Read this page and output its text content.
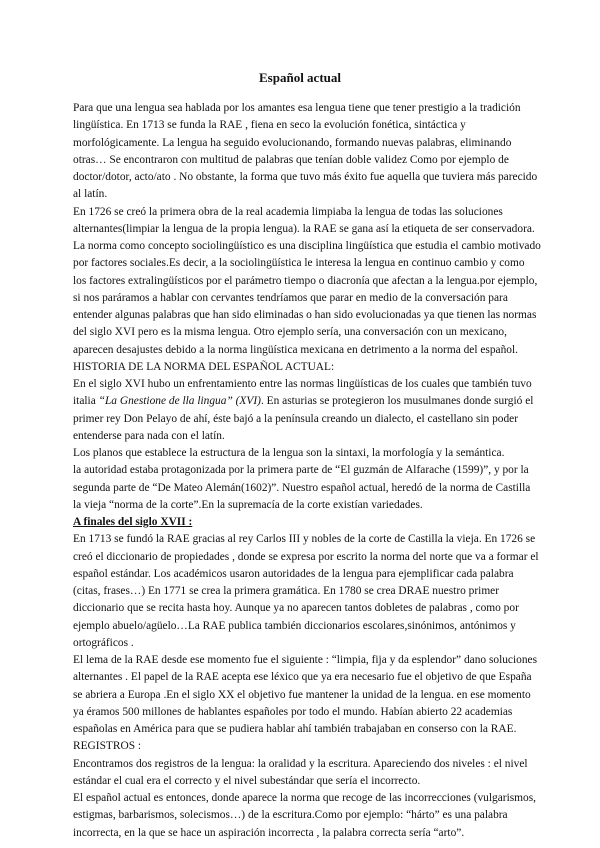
Español actual
Para que una lengua sea hablada por los amantes esa lengua tiene que tener prestigio a la tradición
lingüística. En 1713 se funda la RAE , fiena en seco la evolución fonética, sintáctica y
morfológicamente. La lengua ha seguido evolucionando, formando nuevas palabras, eliminando
otras… Se encontraron con multitud de palabras que tenían doble validez Como por ejemplo de
doctor/dotor, acto/ato . No obstante, la forma que tuvo más éxito fue aquella que tuviera más parecido
al latín.
En 1726 se creó la primera obra de la real academia limpiaba la lengua de todas las soluciones
alternantes(limpiar la lengua de la propia lengua). la RAE se gana así la etiqueta de ser conservadora.
La norma como concepto sociolingüístico es una disciplina lingüística que estudia el cambio motivado
por factores sociales.Es decir, a la sociolingüística le interesa la lengua en continuo cambio y como
los factores extralingüísticos por el parámetro tiempo o diacronía que afectan a la lengua.por ejemplo,
si nos paráramos a hablar con cervantes tendríamos que parar en medio de la conversación para
entender algunas palabras que han sido eliminadas o han sido evolucionadas ya que tienen las normas
del siglo XVI pero es la misma lengua. Otro ejemplo sería, una conversación con un mexicano,
aparecen desajustes debido a la norma lingüística mexicana en detrimento a la norma del español.
HISTORIA DE LA NORMA DEL ESPAÑOL ACTUAL:
En el siglo XVI hubo un enfrentamiento entre las normas lingüísticas de los cuales que también tuvo
italia “La Gnestione de lla lingua” (XVI). En asturias se protegieron los musulmanes donde surgió el
primer rey Don Pelayo de ahí, éste bajó a la península creando un dialecto, el castellano sin poder
entenderse para nada con el latín.
Los planos que establece la estructura de la lengua son la sintaxi, la morfología y la semántica.
la autoridad estaba protagonizada por la primera parte de “El guzmán de Alfarache (1599)”, y por la
segunda parte de “De Mateo Alemán(1602)”. Nuestro español actual, heredó de la norma de Castilla
la vieja “norma de la corte”.En la supremacía de la corte existían variedades.
A finales del siglo XVII :
En 1713 se fundó la RAE gracias al rey Carlos III y nobles de la corte de Castilla la vieja. En 1726 se
creó el diccionario de propiedades , donde se expresa por escrito la norma del norte que va a formar el
español estándar. Los académicos usaron autoridades de la lengua para ejemplificar cada palabra
(citas, frases…) En 1771 se crea la primera gramática. En 1780 se crea DRAE nuestro primer
diccionario que se recita hasta hoy. Aunque ya no aparecen tantos dobletes de palabras , como por
ejemplo abuelo/agüelo…La RAE publica también diccionarios escolares,sinónimos, antónimos y
ortográficos .
El lema de la RAE desde ese momento fue el siguiente : “limpia, fija y da esplendor” dano soluciones
alternantes . El papel de la RAE acepta ese léxico que ya era necesario fue el objetivo de que España
se abriera a Europa .En el siglo XX el objetivo fue mantener la unidad de la lengua. en ese momento
ya éramos 500 millones de hablantes españoles por todo el mundo. Habían abierto 22 academias
españolas en América para que se pudiera hablar ahí también trabajaban en conserso con la RAE.
REGISTROS :
Encontramos dos registros de la lengua: la oralidad y la escritura. Apareciendo dos niveles : el nivel
estándar el cual era el correcto y el nivel subestándar que sería el incorrecto.
El español actual es entonces, donde aparece la norma que recoge de las incorrecciones (vulgarismos,
estigmas, barbarismos, solecismos…) de la escritura.Como por ejemplo: “hárto” es una palabra
incorrecta, en la que se hace un aspiración incorrecta , la palabra correcta sería “arto”.
